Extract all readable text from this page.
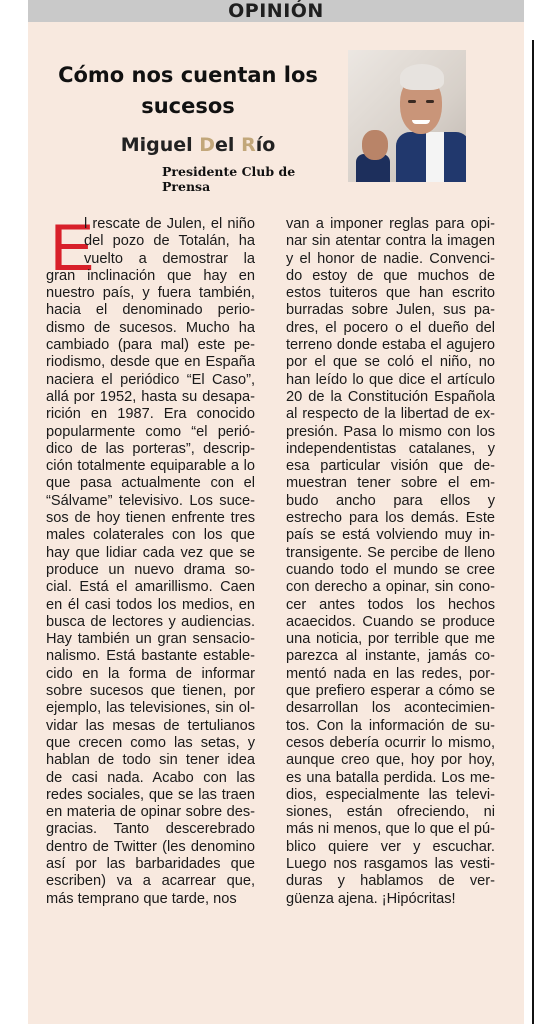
OPINIÓN
Cómo nos cuentan los
sucesos
Miguel Del Río
Presidente Club de Prensa
E
l rescate de Julen, el niño
del pozo de Totalán, ha
vuelto a demostrar la
gran inclinación que hay en
nuestro país, y fuera también,
hacia el denominado perio-
dismo de sucesos. Mucho ha
cambiado (para mal) este pe-
riodismo, desde que en España
naciera el periódico “El Caso”,
allá por 1952, hasta su desapa-
rición en 1987. Era conocido
popularmente como “el perió-
dico de las porteras”, descrip-
ción totalmente equiparable a lo
que pasa actualmente con el
“Sálvame” televisivo. Los suce-
sos de hoy tienen enfrente tres
males colaterales con los que
hay que lidiar cada vez que se
produce un nuevo drama so-
cial. Está el amarillismo. Caen
en él casi todos los medios, en
busca de lectores y audiencias.
Hay también un gran sensacio-
nalismo. Está bastante estable-
cido en la forma de informar
sobre sucesos que tienen, por
ejemplo, las televisiones, sin ol-
vidar las mesas de tertulianos
que crecen como las setas, y
hablan de todo sin tener idea
de casi nada. Acabo con las
redes sociales, que se las traen
en materia de opinar sobre des-
gracias. Tanto descerebrado
dentro de Twitter (les denomino
así por las barbaridades que
escriben) va a acarrear que,
más temprano que tarde, nos
van a imponer reglas para opi-
nar sin atentar contra la imagen
y el honor de nadie. Convenci-
do estoy de que muchos de
estos tuiteros que han escrito
burradas sobre Julen, sus pa-
dres, el pocero o el dueño del
terreno donde estaba el agujero
por el que se coló el niño, no
han leído lo que dice el artículo
20 de la Constitución Española
al respecto de la libertad de ex-
presión. Pasa lo mismo con los
independentistas catalanes, y
esa particular visión que de-
muestran tener sobre el em-
budo ancho para ellos y
estrecho para los demás. Este
país se está volviendo muy in-
transigente. Se percibe de lleno
cuando todo el mundo se cree
con derecho a opinar, sin cono-
cer antes todos los hechos
acaecidos. Cuando se produce
una noticia, por terrible que me
parezca al instante, jamás co-
mentó nada en las redes, por-
que prefiero esperar a cómo se
desarrollan los acontecimien-
tos. Con la información de su-
cesos debería ocurrir lo mismo,
aunque creo que, hoy por hoy,
es una batalla perdida. Los me-
dios, especialmente las televi-
siones, están ofreciendo, ni
más ni menos, que lo que el pú-
blico quiere ver y escuchar.
Luego nos rasgamos las vesti-
duras y hablamos de ver-
güenza ajena. ¡Hipócritas!
